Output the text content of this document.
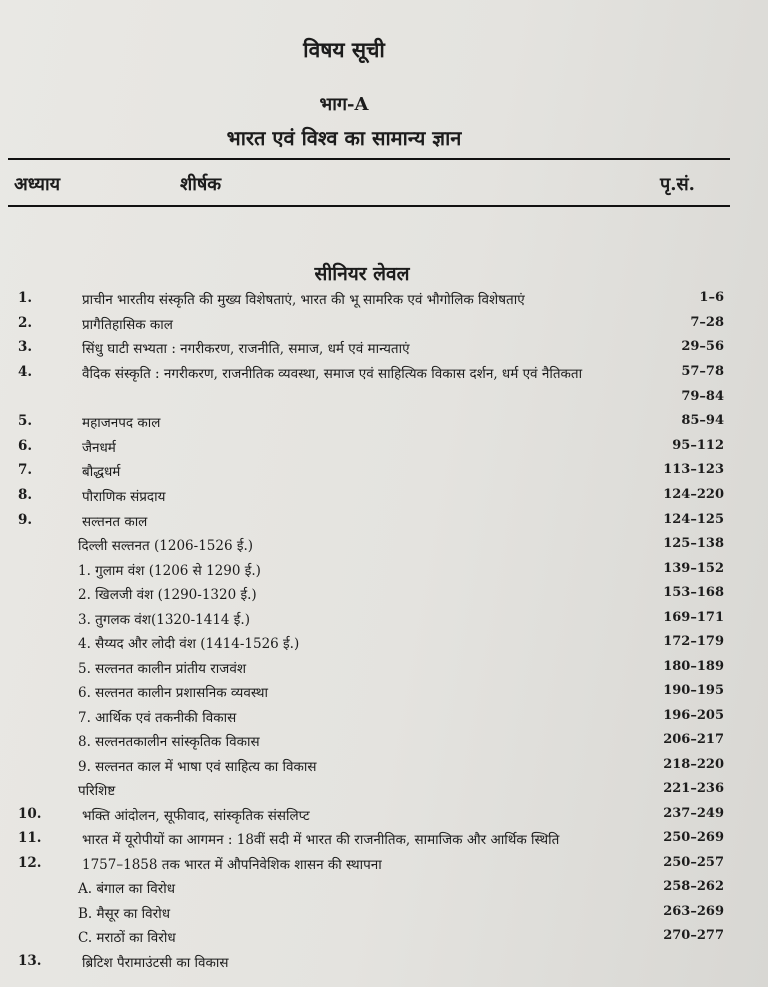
विषय सूची
भाग-A
भारत एवं विश्व का सामान्य ज्ञान
अध्याय	शीर्षक	पृ.सं.
सीनियर लेवल
1.	प्राचीन भारतीय संस्कृति की मुख्य विशेषताएं, भारत की भू सामरिक एवं भौगोलिक विशेषताएं	1–6
2.	प्रागैतिहासिक काल	7–28
3.	सिंधु घाटी सभ्यता : नगरीकरण, राजनीति, समाज, धर्म एवं मान्यताएं	29–56
4.	वैदिक संस्कृति : नगरीकरण, राजनीतिक व्यवस्था, समाज एवं साहित्यिक विकास दर्शन, धर्म एवं नैतिकता	57–78
79–84
5.	महाजनपद काल	85–94
6.	जैनधर्म	95–112
7.	बौद्धधर्म	113–123
8.	पौराणिक संप्रदाय	124–220
9.	सल्तनत काल	124–125
दिल्ली सल्तनत (1206-1526 ई.)	125–138
1. गुलाम वंश (1206 से 1290 ई.)	139–152
2. खिलजी वंश (1290-1320 ई.)	153–168
3. तुगलक वंश(1320-1414 ई.)	169–171
4. सैय्यद और लोदी वंश (1414-1526 ई.)	172–179
5. सल्तनत कालीन प्रांतीय राजवंश	180–189
6. सल्तनत कालीन प्रशासनिक व्यवस्था	190–195
7. आर्थिक एवं तकनीकी विकास	196–205
8. सल्तनतकालीन सांस्कृतिक विकास	206–217
9. सल्तनत काल में भाषा एवं साहित्य का विकास	218–220
परिशिष्ट	221–236
10.	भक्ति आंदोलन, सूफीवाद, सांस्कृतिक संसलिप्ट	237–249
11.	भारत में यूरोपीयों का आगमन : 18वीं सदी में भारत की राजनीतिक, सामाजिक और आर्थिक स्थिति	250–269
12.	1757–1858 तक भारत में औपनिवेशिक शासन की स्थापना	250–257
A. बंगाल का विरोध	258–262
B. मैसूर का विरोध	263–269
C. मराठों का विरोध	270–277
13.	ब्रिटिश पैरामाउंटसी का विकास
